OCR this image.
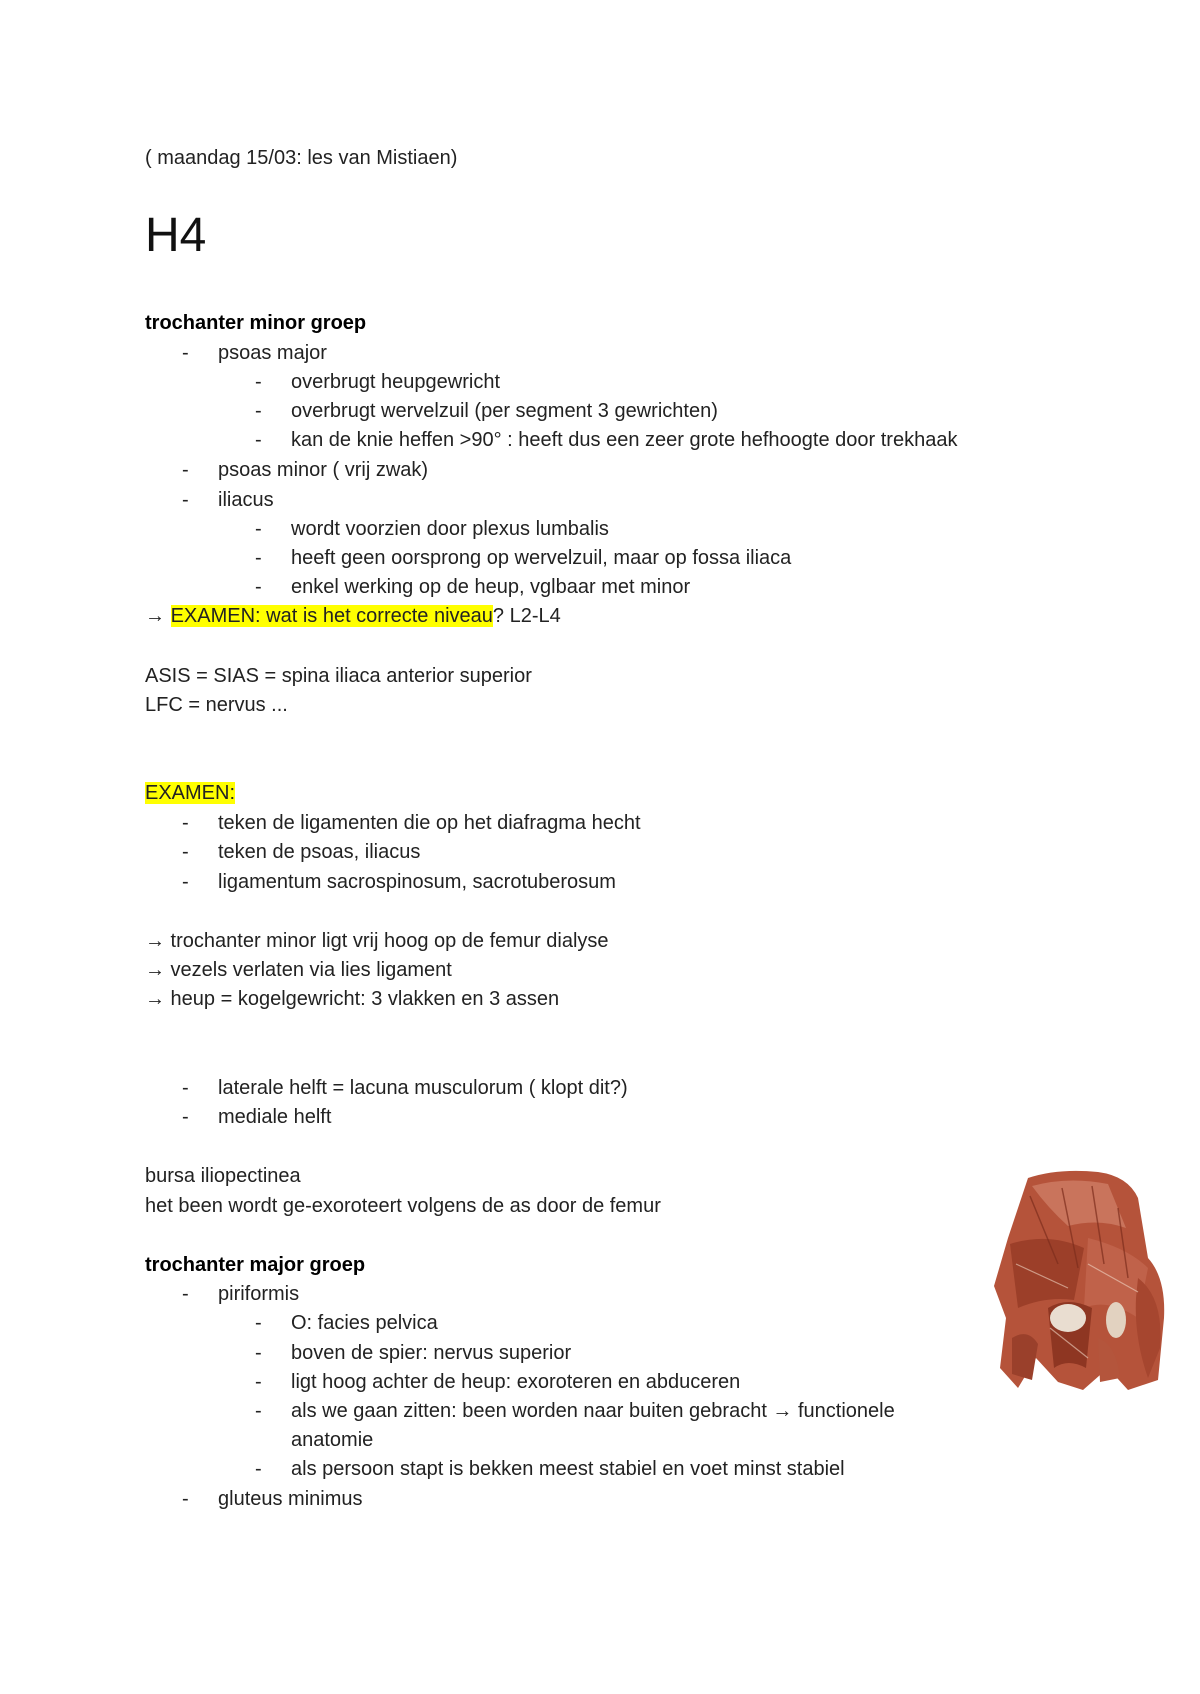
( maandag 15/03: les van Mistiaen)
H4
trochanter minor groep
- psoas major
- overbrugt heupgewricht
- overbrugt wervelzuil (per segment 3 gewrichten)
- kan de knie heffen >90° : heeft dus een zeer grote hefhoogte door trekhaak
- psoas minor ( vrij zwak)
- iliacus
- wordt voorzien door plexus lumbalis
- heeft geen oorsprong op wervelzuil, maar op fossa iliaca
- enkel werking op de heup, vglbaar met minor
→ EXAMEN: wat is het correcte niveau? L2-L4
ASIS = SIAS = spina iliaca anterior superior
LFC = nervus ...
EXAMEN:
- teken de ligamenten die op het diafragma hecht
- teken de psoas, iliacus
- ligamentum sacrospinosum, sacrotuberosum
→ trochanter minor ligt vrij hoog op de femur dialyse
→ vezels verlaten via lies ligament
→ heup = kogelgewricht: 3 vlakken en 3 assen
- laterale helft = lacuna musculorum ( klopt dit?)
- mediale helft
bursa iliopectinea
het been wordt ge-exoroteert volgens de as door de femur
trochanter major groep
- piriformis
- O: facies pelvica
- boven de spier: nervus superior
- ligt hoog achter de heup: exoroteren en abduceren
- als we gaan zitten: been worden naar buiten gebracht → functionele
anatomie
- als persoon stapt is bekken meest stabiel en voet minst stabiel
- gluteus minimus
